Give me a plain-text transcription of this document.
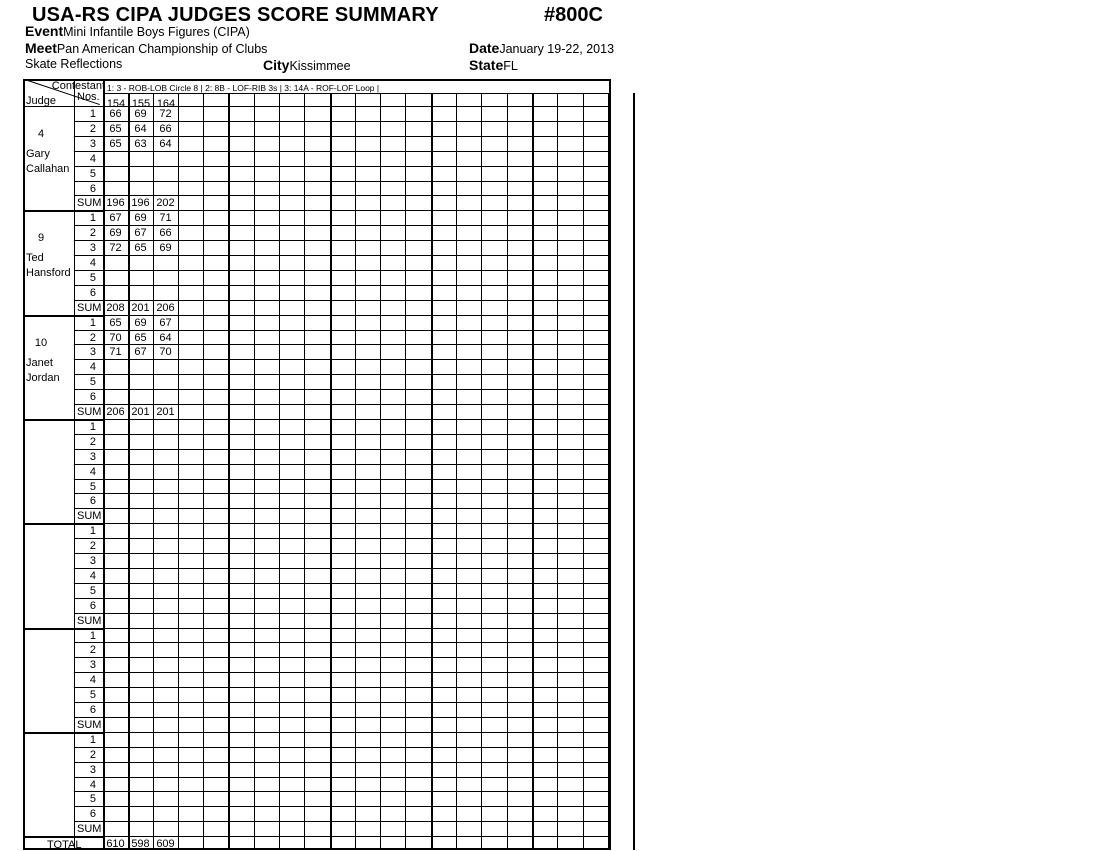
USA-RS CIPA JUDGES SCORE SUMMARY	#800C
EventMini Infantile Boys Figures (CIPA)
MeetPan American Championship of Clubs	DateJanuary 19-22, 2013
Skate Reflections	CityKissimmee	StateFL
Contestant
Nos.
Judge
1: 3 - ROB-LOB Circle 8 | 2: 8B - LOF-RIB 3s | 3: 14A - ROF-LOF Loop |
154 155 164
1	66	69	72
2	65	64	66
3	65	63	64
4
5
6
SUM 196 196 202
4
Gary
Callahan
1	67	69	71
2	69	67	66
3	72	65	69
4
5
6
SUM 208 201 206
9
Ted
Hansford
1	65	69	67
2	70	65	64
3	71	67	70
4
5
6
SUM 206 201 201
10
Janet
Jordan
1
2
3
4
5
6
SUM
1
2
3
4
5
6
SUM
1
2
3
4
5
6
SUM
1
2
3
4
5
6
SUM
TOTAL	610 598 609
